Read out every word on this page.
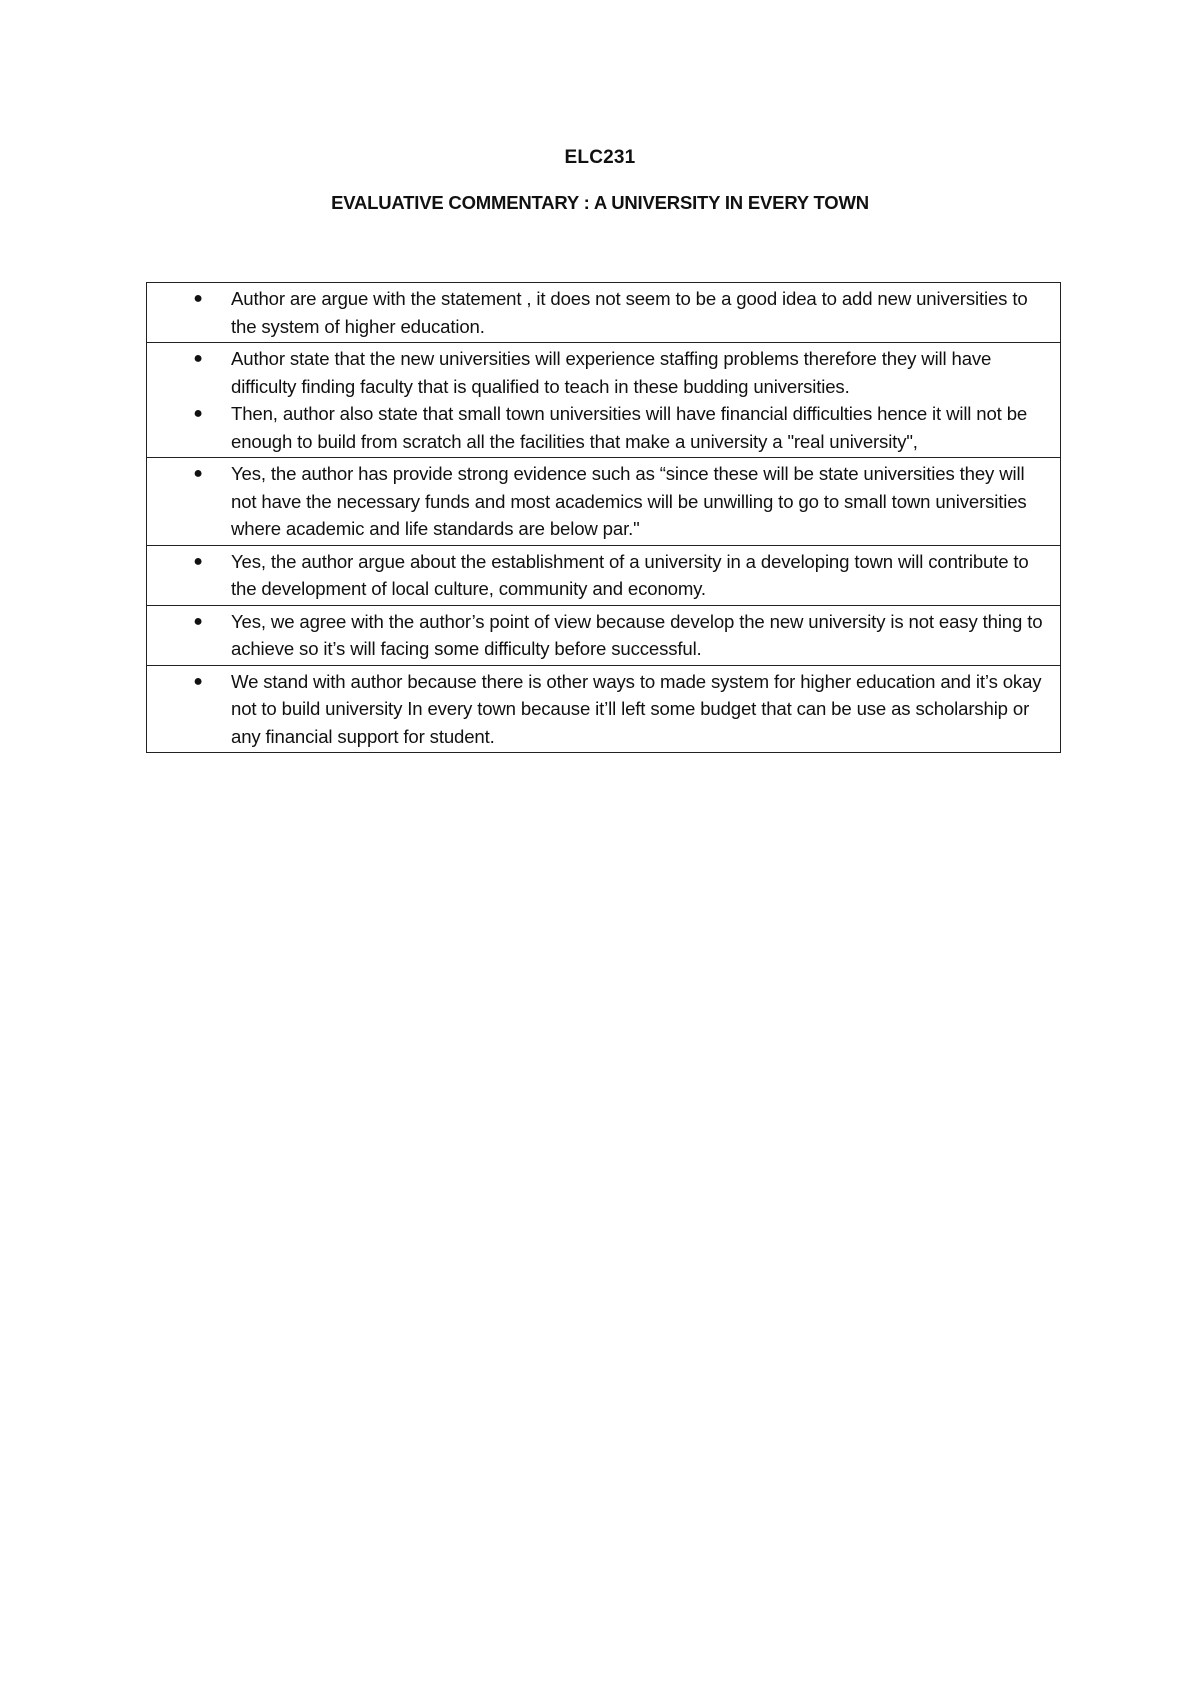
ELC231
EVALUATIVE COMMENTARY : A UNIVERSITY IN EVERY TOWN
● Author are argue with the statement , it does not seem to be a good idea to add new universities to the system of higher education.

● Author state that the new universities will experience staffing problems therefore they will have difficulty finding faculty that is qualified to teach in these budding universities.
● Then, author also state that small town universities will have financial difficulties hence it will not be enough to build from scratch all the facilities that make a university a "real university",

● Yes, the author has provide strong evidence such as “since these will be state universities they will not have the necessary funds and most academics will be unwilling to go to small town universities where academic and life standards are below par."

● Yes, the author argue about the establishment of a university in a developing town will contribute to the development of local culture, community and economy.

● Yes, we agree with the author’s point of view because develop the new university is not easy thing to achieve so it’s will facing some difficulty before successful.

● We stand with author because there is other ways to made system for higher education and it’s okay not to build university In every town because it’ll left some budget that can be use as scholarship or any financial support for student.
